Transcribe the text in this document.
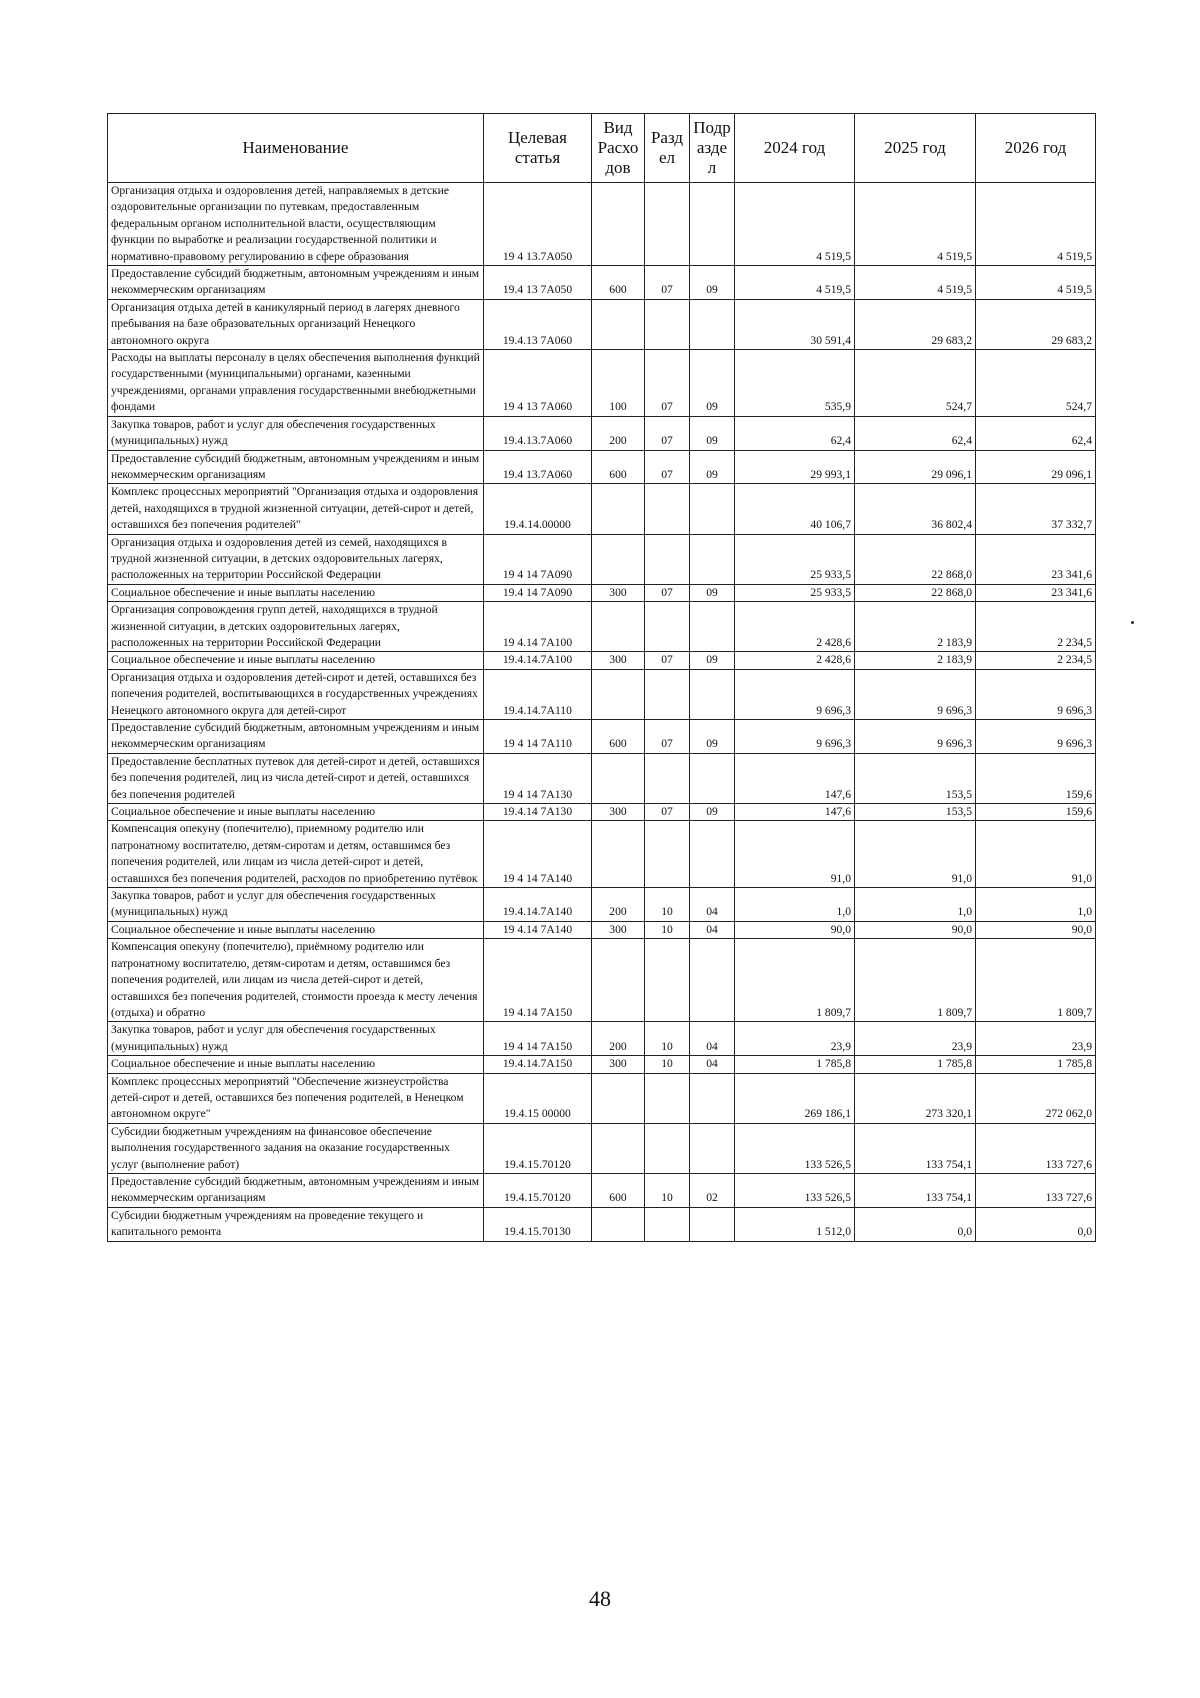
Наименование	Целевая статья	Вид Расхо дов	Разд ел	Подр азде л	2024 год	2025 год	2026 год
Организация отдыха и оздоровления детей, направляемых в детские оздоровительные организации по путевкам, предоставленным федеральным органом исполнительной власти, осуществляющим функции по выработке и реализации государственной политики и нормативно-правовому регулированию в сфере образования	19 4 13.7А050				4 519,5	4 519,5	4 519,5
Предоставление субсидий бюджетным, автономным учреждениям и иным некоммерческим организациям	19.4 13 7А050	600	07	09	4 519,5	4 519,5	4 519,5
Организация отдыха детей в каникулярный период в лагерях дневного пребывания на базе образовательных организаций Ненецкого автономного округа	19.4.13 7А060				30 591,4	29 683,2	29 683,2
Расходы на выплаты персоналу в целях обеспечения выполнения функций государственными (муниципальными) органами, казенными учреждениями, органами управления государственными внебюджетными фондами	19 4 13 7А060	100	07	09	535,9	524,7	524,7
Закупка товаров, работ и услуг для обеспечения государственных (муниципальных) нужд	19.4.13.7А060	200	07	09	62,4	62,4	62,4
Предоставление субсидий бюджетным, автономным учреждениям и иным некоммерческим организациям	19.4 13.7А060	600	07	09	29 993,1	29 096,1	29 096,1
Комплекс процессных мероприятий "Организация отдыха и оздоровления детей, находящихся в трудной жизненной ситуации, детей-сирот и детей, оставшихся без попечения родителей"	19.4.14.00000				40 106,7	36 802,4	37 332,7
Организация отдыха и оздоровления детей из семей, находящихся в трудной жизненной ситуации, в детских оздоровительных лагерях, расположенных на территории Российской Федерации	19 4 14 7А090				25 933,5	22 868,0	23 341,6
Социальное обеспечение и иные выплаты населению	19.4 14 7А090	300	07	09	25 933,5	22 868,0	23 341,6
Организация сопровождения групп детей, находящихся в трудной жизненной ситуации, в детских оздоровительных лагерях, расположенных на территории Российской Федерации	19 4.14 7А100				2 428,6	2 183,9	2 234,5
Социальное обеспечение и иные выплаты населению	19.4.14.7А100	300	07	09	2 428,6	2 183,9	2 234,5
Организация отдыха и оздоровления детей-сирот и детей, оставшихся без попечения родителей, воспитывающихся в государственных учреждениях Ненецкого автономного округа для детей-сирот	19.4.14.7А110				9 696,3	9 696,3	9 696,3
Предоставление субсидий бюджетным, автономным учреждениям и иным некоммерческим организациям	19 4 14 7А110	600	07	09	9 696,3	9 696,3	9 696,3
Предоставление бесплатных путевок для детей-сирот и детей, оставшихся без попечения родителей, лиц из числа детей-сирот и детей, оставшихся без попечения родителей	19 4 14 7А130				147,6	153,5	159,6
Социальное обеспечение и иные выплаты населению	19.4.14 7А130	300	07	09	147,6	153,5	159,6
Компенсация опекуну (попечителю), приемному родителю или патронатному воспитателю, детям-сиротам и детям, оставшимся без попечения родителей, или лицам из числа детей-сирот и детей, оставшихся без попечения родителей, расходов по приобретению путёвок	19 4 14 7А140				91,0	91,0	91,0
Закупка товаров, работ и услуг для обеспечения государственных (муниципальных) нужд	19.4.14.7А140	200	10	04	1,0	1,0	1,0
Социальное обеспечение и иные выплаты населению	19 4.14 7А140	300	10	04	90,0	90,0	90,0
Компенсация опекуну (попечителю), приёмному родителю или патронатному воспитателю, детям-сиротам и детям, оставшимся без попечения родителей, или лицам из числа детей-сирот и детей, оставшихся без попечения родителей, стоимости проезда к месту лечения (отдыха) и обратно	19 4.14 7А150				1 809,7	1 809,7	1 809,7
Закупка товаров, работ и услуг для обеспечения государственных (муниципальных) нужд	19 4 14 7А150	200	10	04	23,9	23,9	23,9
Социальное обеспечение и иные выплаты населению	19.4.14.7А150	300	10	04	1 785,8	1 785,8	1 785,8
Комплекс процессных мероприятий "Обеспечение жизнеустройства детей-сирот и детей, оставшихся без попечения родителей, в Ненецком автономном округе"	19.4.15 00000				269 186,1	273 320,1	272 062,0
Субсидии бюджетным учреждениям на финансовое обеспечение выполнения государственного задания на оказание государственных услуг (выполнение работ)	19.4.15.70120				133 526,5	133 754,1	133 727,6
Предоставление субсидий бюджетным, автономным учреждениям и иным некоммерческим организациям	19.4.15.70120	600	10	02	133 526,5	133 754,1	133 727,6
Субсидии бюджетным учреждениям на проведение текущего и капитального ремонта	19.4.15.70130				1 512,0	0,0	0,0
48
